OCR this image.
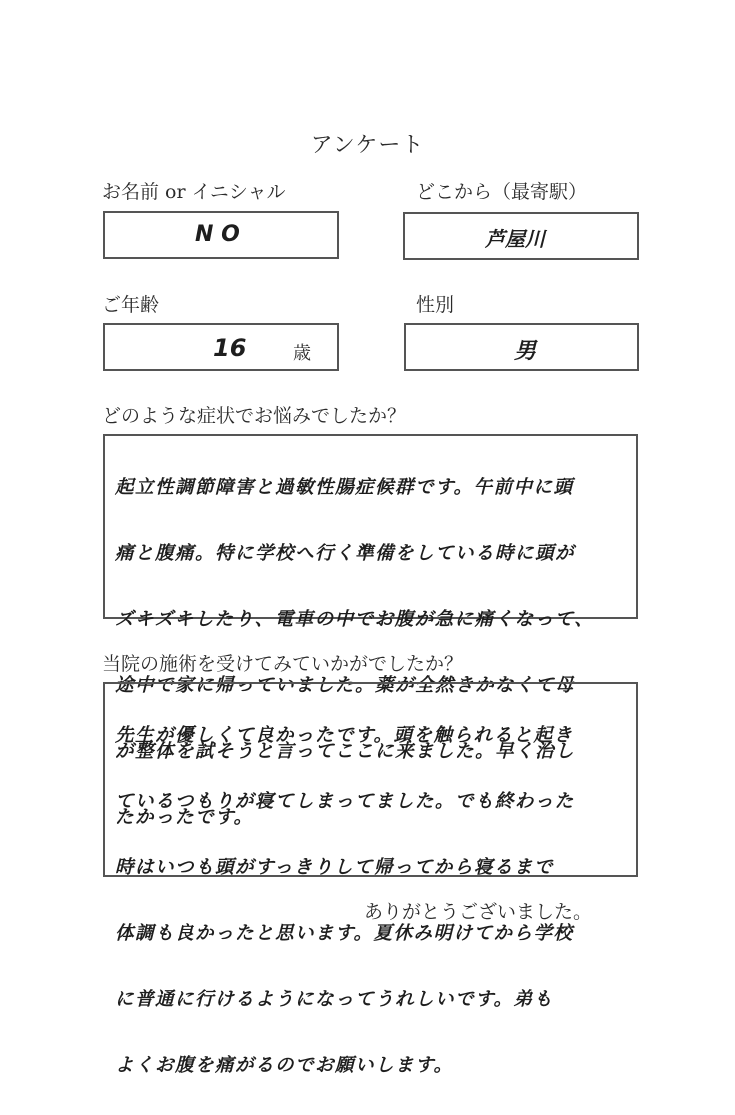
アンケート
お名前 or イニシャル
N O
どこから（最寄駅）
芦屋川
ご年齢
16	歳
性別
男
どのような症状でお悩みでしたか？

起立性調節障害と過敏性腸症候群です。午前中に頭

痛と腹痛。特に学校へ行く準備をしている時に頭が

ズキズキしたり、電車の中でお腹が急に痛くなって、

途中で家に帰っていました。薬が全然きかなくて母

が整体を試そうと言ってここに来ました。早く治し

たかったです。

当院の施術を受けてみていかがでしたか？

先生が優しくて良かったです。頭を触られると起き

ているつもりが寝てしまってました。でも終わった

時はいつも頭がすっきりして帰ってから寝るまで

体調も良かったと思います。夏休み明けてから学校

に普通に行けるようになってうれしいです。弟も

よくお腹を痛がるのでお願いします。

ありがとうございました。
